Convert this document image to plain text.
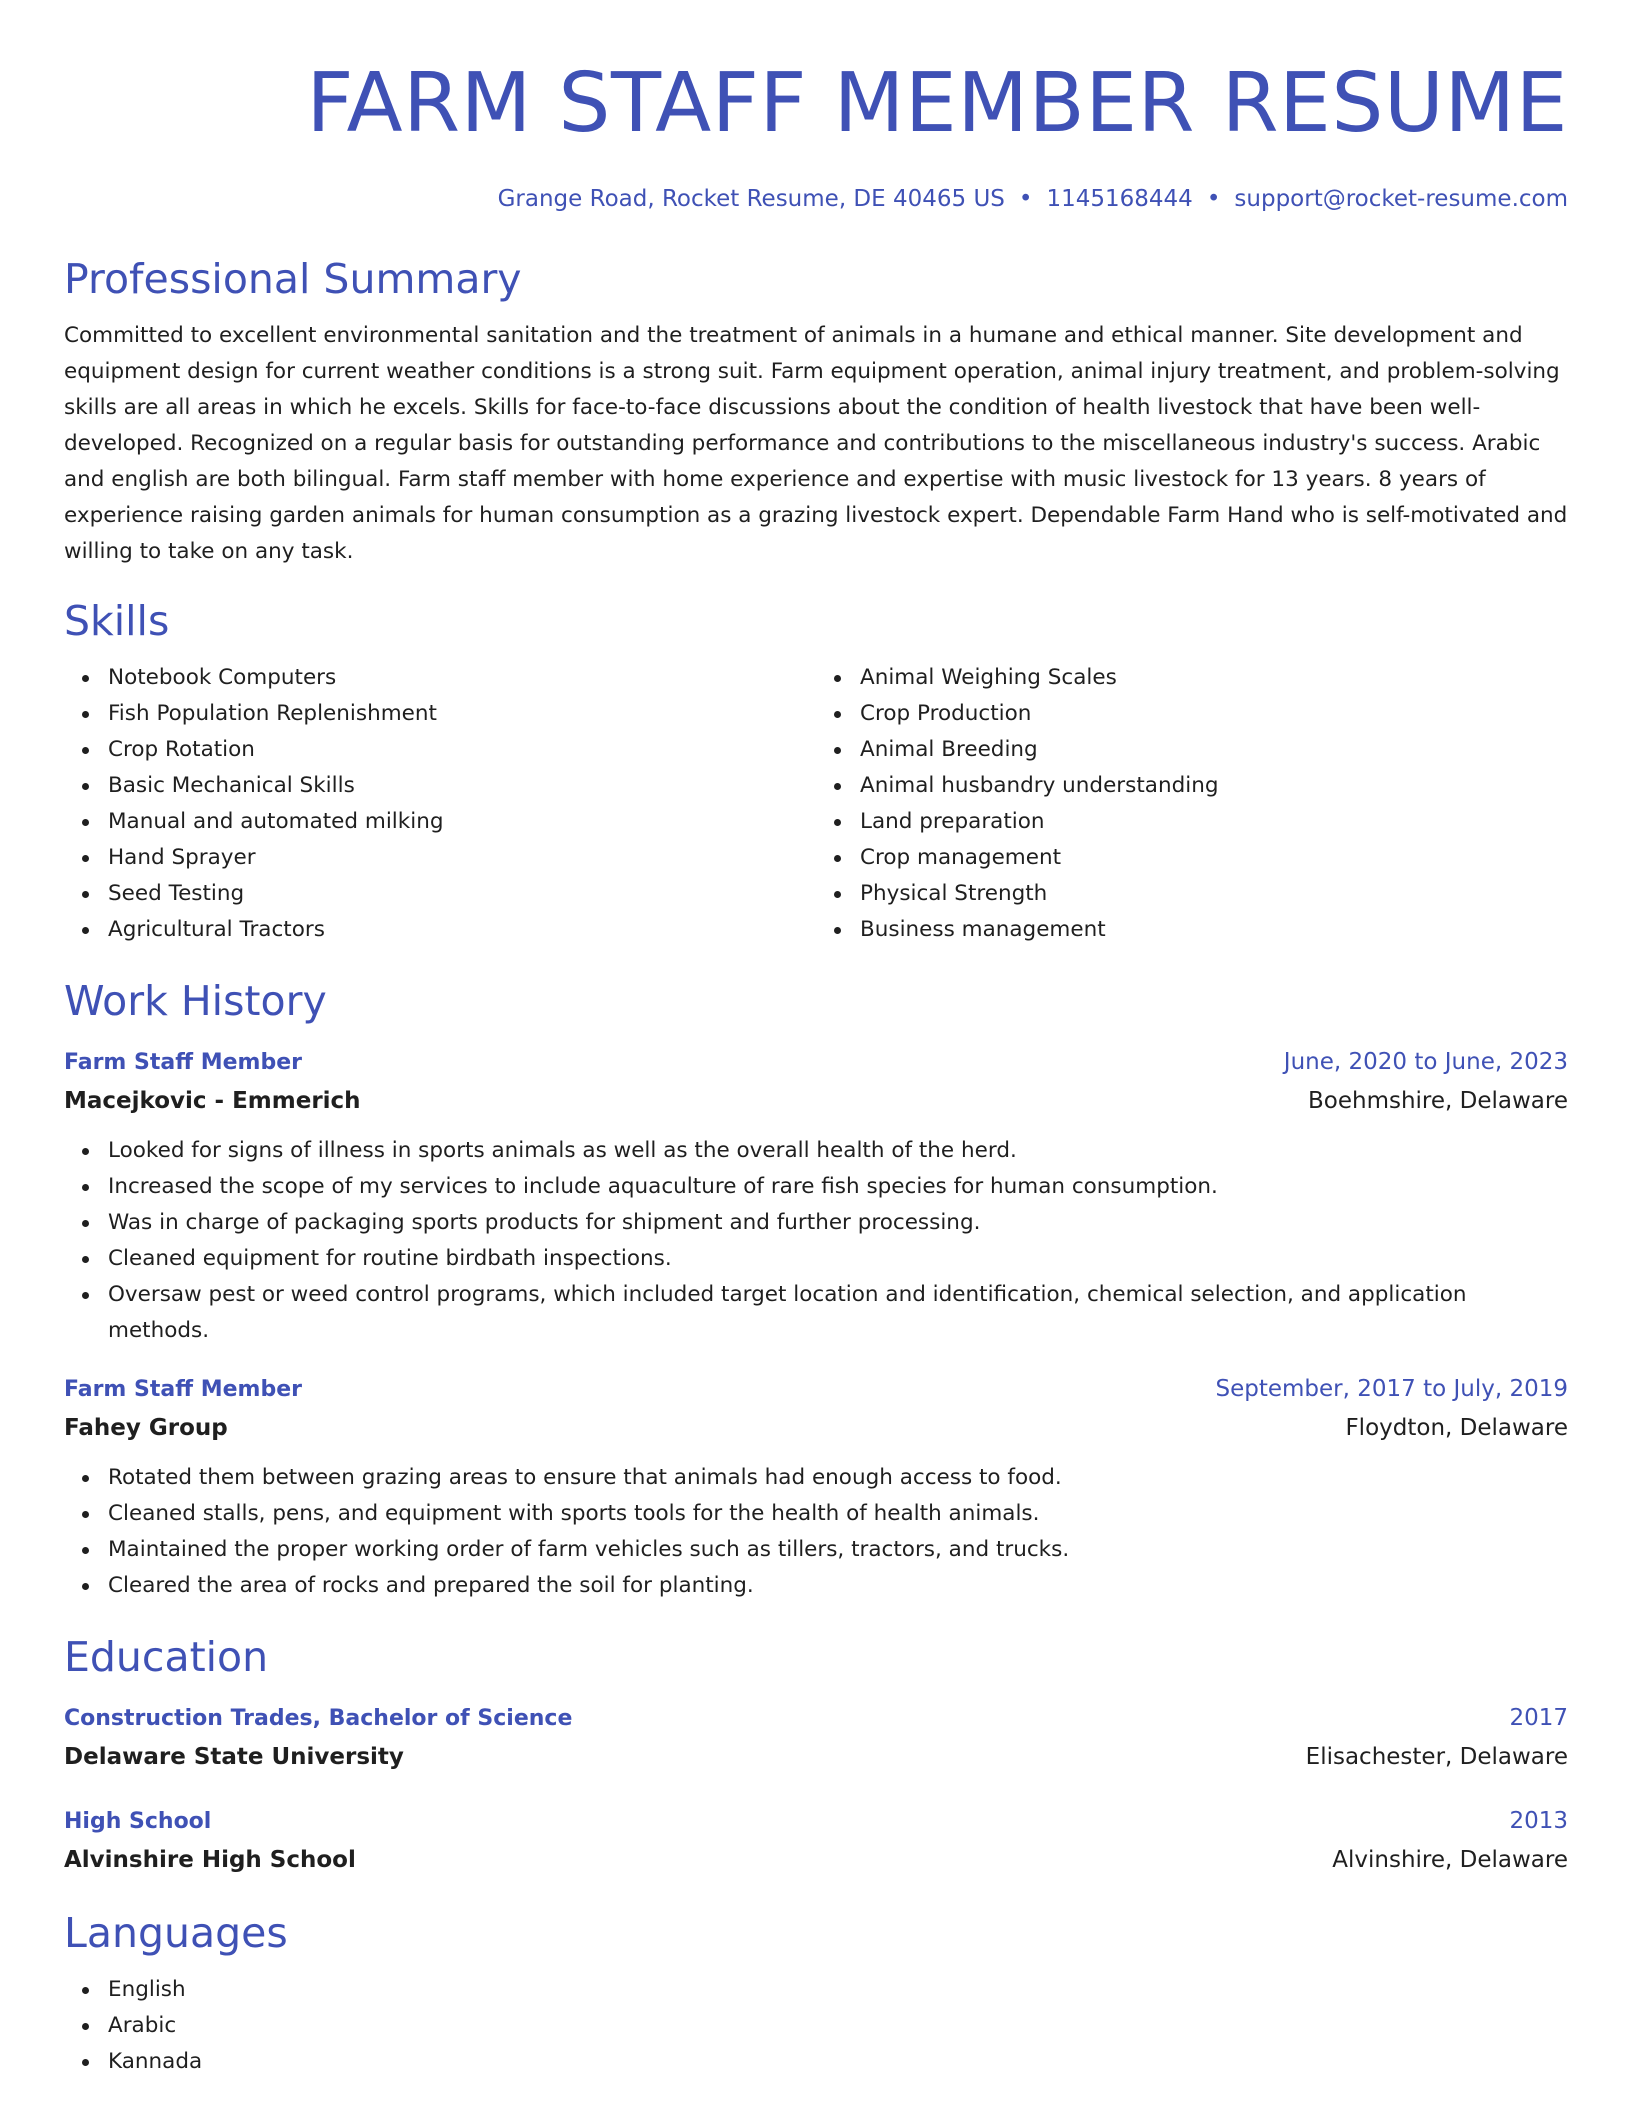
FARM STAFF MEMBER RESUME
Grange Road, Rocket Resume, DE 40465 US • 1145168444 • support@rocket-resume.com
Professional Summary
Committed to excellent environmental sanitation and the treatment of animals in a humane and ethical manner. Site development and equipment design for current weather conditions is a strong suit. Farm equipment operation, animal injury treatment, and problem-solving skills are all areas in which he excels. Skills for face-to-face discussions about the condition of health livestock that have been well-developed. Recognized on a regular basis for outstanding performance and contributions to the miscellaneous industry's success. Arabic and english are both bilingual. Farm staff member with home experience and expertise with music livestock for 13 years. 8 years of experience raising garden animals for human consumption as a grazing livestock expert. Dependable Farm Hand who is self-motivated and willing to take on any task.
Skills
Notebook Computers
Fish Population Replenishment
Crop Rotation
Basic Mechanical Skills
Manual and automated milking
Hand Sprayer
Seed Testing
Agricultural Tractors
Animal Weighing Scales
Crop Production
Animal Breeding
Animal husbandry understanding
Land preparation
Crop management
Physical Strength
Business management
Work History
Farm Staff Member	June, 2020 to June, 2023
Macejkovic - Emmerich	Boehmshire, Delaware
Looked for signs of illness in sports animals as well as the overall health of the herd.
Increased the scope of my services to include aquaculture of rare fish species for human consumption.
Was in charge of packaging sports products for shipment and further processing.
Cleaned equipment for routine birdbath inspections.
Oversaw pest or weed control programs, which included target location and identification, chemical selection, and application methods.
Farm Staff Member	September, 2017 to July, 2019
Fahey Group	Floydton, Delaware
Rotated them between grazing areas to ensure that animals had enough access to food.
Cleaned stalls, pens, and equipment with sports tools for the health of health animals.
Maintained the proper working order of farm vehicles such as tillers, tractors, and trucks.
Cleared the area of rocks and prepared the soil for planting.
Education
Construction Trades, Bachelor of Science	2017
Delaware State University	Elisachester, Delaware
High School	2013
Alvinshire High School	Alvinshire, Delaware
Languages
English
Arabic
Kannada
